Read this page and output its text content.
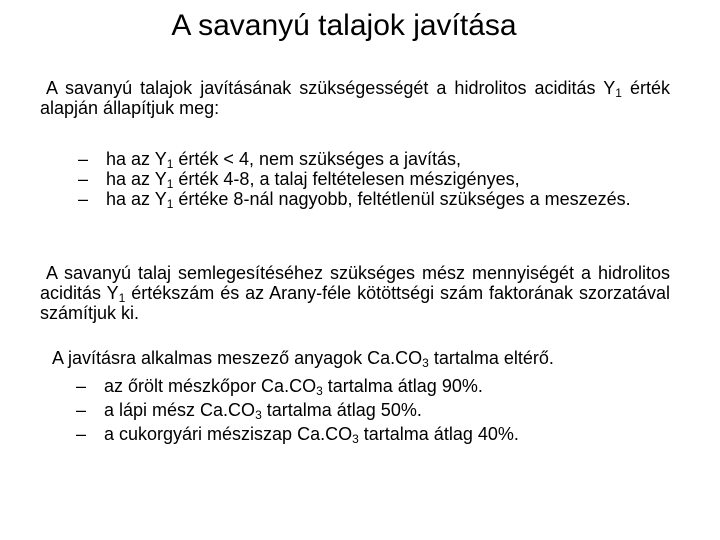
A savanyú talajok javítása

A savanyú talajok javításának szükségességét a hidrolitos aciditás $Y_1$ érték alapján állapítjuk meg:

– ha az $Y_1$ érték < 4, nem szükséges a javítás,
– ha az $Y_1$ érték 4-8, a talaj feltételesen mészigényes,
– ha az $Y_1$ értéke 8-nál nagyobb, feltétlenül szükséges a meszezés.

A savanyú talaj semlegesítéséhez szükséges mész mennyiségét a hidrolitos aciditás $Y_1$ értékszám és az Arany-féle kötöttségi szám faktorának szorzatával számítjuk ki.

A javításra alkalmas meszező anyagok $Ca.CO_3$ tartalma eltérő.

– az őrölt mészkőpor $Ca.CO_3$ tartalma átlag 90%.
– a lápi mész $Ca.CO_3$ tartalma átlag 50%.
– a cukorgyári mésziszap $Ca.CO_3$ tartalma átlag 40%.
